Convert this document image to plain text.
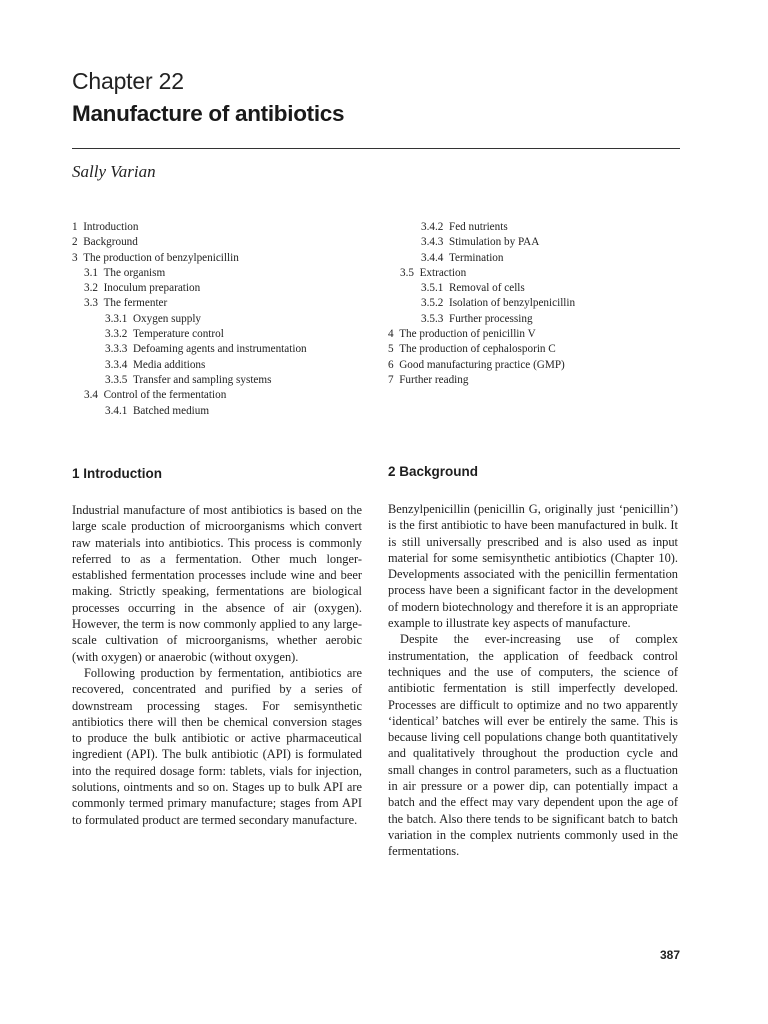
Chapter 22
Manufacture of antibiotics
Sally Varian
1 Introduction
2 Background
3 The production of benzylpenicillin
3.1 The organism
3.2 Inoculum preparation
3.3 The fermenter
3.3.1 Oxygen supply
3.3.2 Temperature control
3.3.3 Defoaming agents and instrumentation
3.3.4 Media additions
3.3.5 Transfer and sampling systems
3.4 Control of the fermentation
3.4.1 Batched medium
3.4.2 Fed nutrients
3.4.3 Stimulation by PAA
3.4.4 Termination
3.5 Extraction
3.5.1 Removal of cells
3.5.2 Isolation of benzylpenicillin
3.5.3 Further processing
4 The production of penicillin V
5 The production of cephalosporin C
6 Good manufacturing practice (GMP)
7 Further reading
1 Introduction	2 Background

Industrial manufacture of most antibiotics is based on the large scale production of microorganisms which convert raw materials into antibiotics. This process is commonly referred to as a fermentation. Other much longer-established fermentation processes include wine and beer making. Strictly speaking, fermentations are biological processes occurring in the absence of air (oxygen). However, the term is now commonly applied to any large-scale cultivation of microorganisms, whether aerobic (with oxygen) or anaerobic (without oxygen).

Following production by fermentation, antibiotics are recovered, concentrated and purified by a series of downstream processing stages. For semisynthetic antibiotics there will then be chemical conversion stages to produce the bulk antibiotic or active pharmaceutical ingredient (API). The bulk antibiotic (API) is formulated into the required dosage form: tablets, vials for injection, solutions, ointments and so on. Stages up to bulk API are commonly termed primary manufacture; stages from API to formulated product are termed secondary manufacture.

Benzylpenicillin (penicillin G, originally just ‘penicillin’) is the first antibiotic to have been manufactured in bulk. It is still universally prescribed and is also used as input material for some semisynthetic antibiotics (Chapter 10). Developments associated with the penicillin fermentation process have been a significant factor in the development of modern biotechnology and therefore it is an appropriate example to illustrate key aspects of manufacture.

Despite the ever-increasing use of complex instrumentation, the application of feedback control techniques and the use of computers, the science of antibiotic fermentation is still imperfectly developed. Processes are difficult to optimize and no two apparently ‘identical’ batches will ever be entirely the same. This is because living cell populations change both quantitatively and qualitatively throughout the production cycle and small changes in control parameters, such as a fluctuation in air pressure or a power dip, can potentially impact a batch and the effect may vary dependent upon the age of the batch. Also there tends to be significant batch to batch variation in the complex nutrients commonly used in the fermentations.

387
